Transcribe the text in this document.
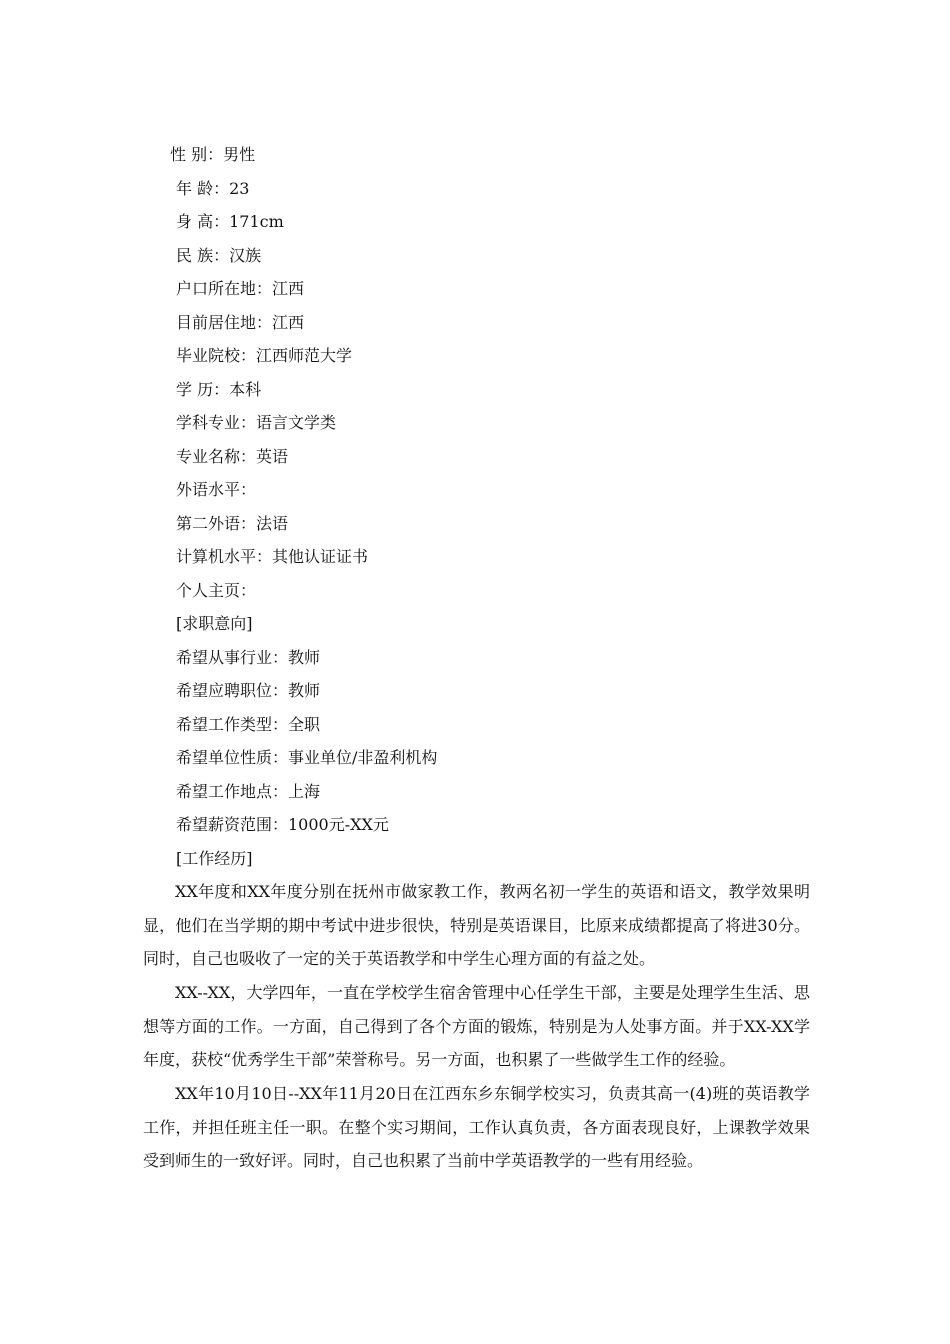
性 别：男性
年 龄：23
身 高：171cm
民 族：汉族
户口所在地：江西
目前居住地：江西
毕业院校：江西师范大学
学 历：本科
学科专业：语言文学类
专业名称：英语
外语水平：
第二外语：法语
计算机水平：其他认证证书
个人主页：
[求职意向]
希望从事行业：教师
希望应聘职位：教师
希望工作类型：全职
希望单位性质：事业单位/非盈利机构
希望工作地点：上海
希望薪资范围：1000元-XX元
[工作经历]

XX年度和XX年度分别在抚州市做家教工作，教两名初一学生的英语和语文，教学效果明显，他们在当学期的期中考试中进步很快，特别是英语课目，比原来成绩都提高了将进30分。同时，自己也吸收了一定的关于英语教学和中学生心理方面的有益之处。

XX--XX，大学四年，一直在学校学生宿舍管理中心任学生干部，主要是处理学生生活、思想等方面的工作。一方面，自己得到了各个方面的锻炼，特别是为人处事方面。并于XX-XX学年度，获校“优秀学生干部”荣誉称号。另一方面，也积累了一些做学生工作的经验。

XX年10月10日--XX年11月20日在江西东乡东铜学校实习，负责其高一(4)班的英语教学工作，并担任班主任一职。在整个实习期间，工作认真负责，各方面表现良好，上课教学效果受到师生的一致好评。同时，自己也积累了当前中学英语教学的一些有用经验。
